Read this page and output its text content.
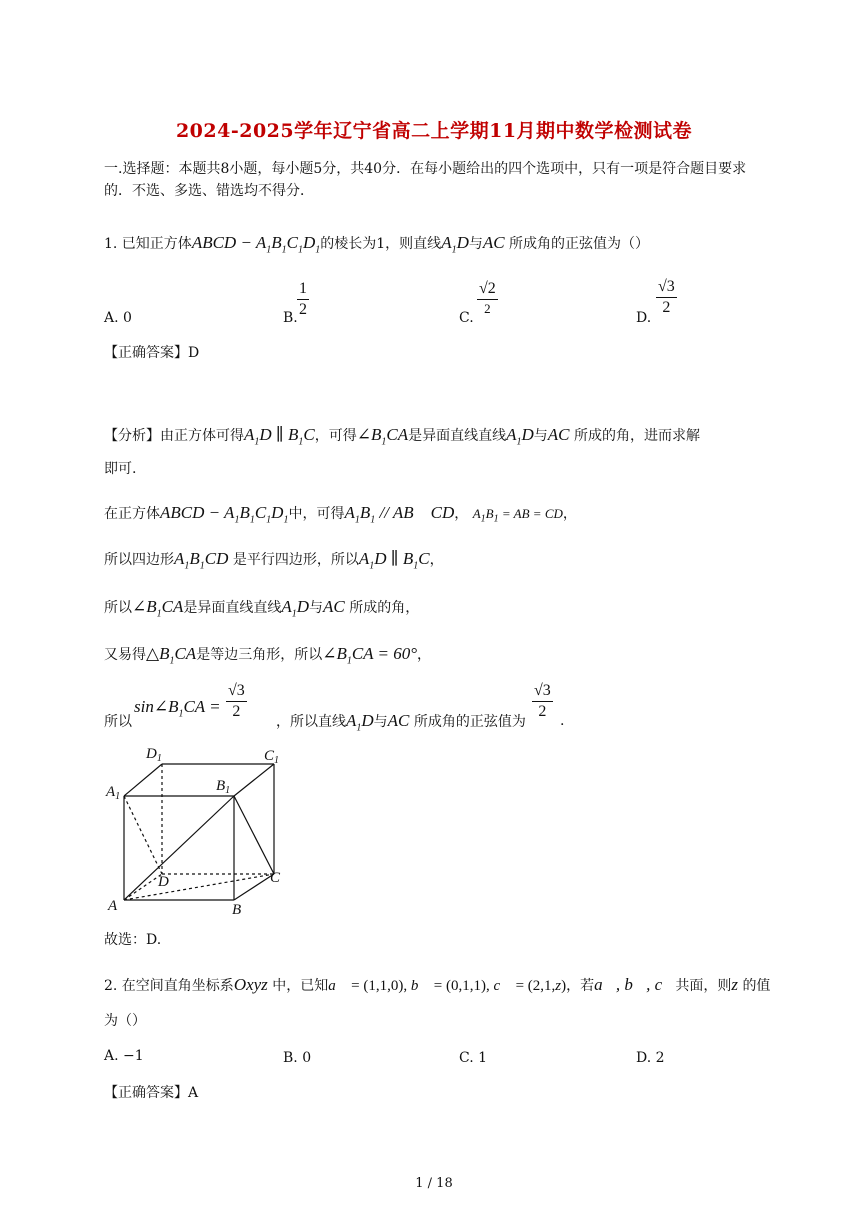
2024-2025学年辽宁省高二上学期11月期中数学检测试卷
一.选择题：本题共8小题，每小题5分，共40分．在每小题给出的四个选项中，只有一项是符合题目要求的．不选、多选、错选均不得分．
1. 已知正方体ABCD − $A_1B_1C_1D_1$的棱长为1，则直线$A_1D$与AC 所成角的正弦值为（）
A. 0	B. $\frac{1}{2}$	C.
√2
2
D.
$\frac{√3}{2}$
【正确答案】D
【分析】由正方体可得$A_1D$ ∥ $B_1C$，可得$\angle B_1CA$是异面直线直线$A_1D$与AC 所成的角，进而求解
即可.
在正方体ABCD − $A_1B_1C_1D_1$中，可得$A_1B_1$ // AB    CD， $A_1B_1$ = AB = CD，
所以四边形$A_1B_1CD$ 是平行四边形，所以$A_1D$ ∥ $B_1C$，
所以$\angle B_1CA$是异面直线直线$A_1D$与AC 所成的角，
又易得$\triangle B_1CA$是等边三角形，所以$\angle B_1CA = 60^\circ$，
$\sin\angle B_1CA = \frac{√3}{2}$
所以	，所以直线$A_1D$与AC 所成角的正弦值为
$\frac{√3}{2}$ .
$D_1$	$C_1$
$A_1$
$B_1$
D	C
A	B
故选：D.
2. 在空间直角坐标系Oxyz 中，已知a⃗ = (1,1,0), b⃗ = (0,1,1), c⃗ = (2,1,z)，若a⃗, b⃗, c⃗共面，则z 的值
为（）
A. −1	B. 0	C. 1	D. 2
【正确答案】A
1 / 18
